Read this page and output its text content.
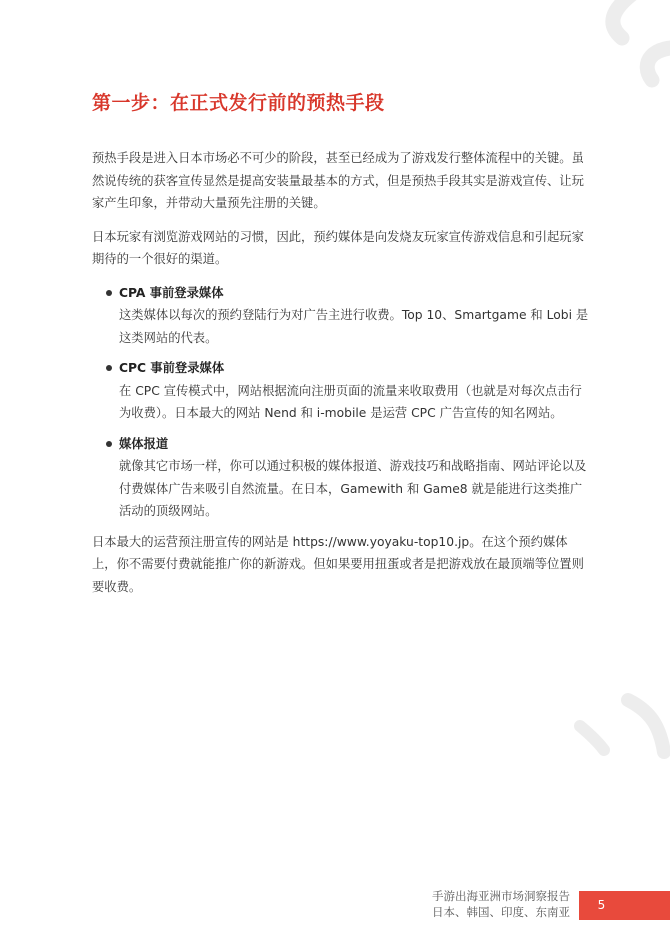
第一步：在正式发行前的预热手段

预热手段是进入日本市场必不可少的阶段，甚至已经成为了游戏发行整体流程中的关键。虽然说传统的获客宣传显然是提高安装量最基本的方式，但是预热手段其实是游戏宣传、让玩家产生印象，并带动大量预先注册的关键。

日本玩家有浏览游戏网站的习惯，因此，预约媒体是向发烧友玩家宣传游戏信息和引起玩家期待的一个很好的渠道。

CPA 事前登录媒体

这类媒体以每次的预约登陆行为对广告主进行收费。Top 10、Smartgame 和 Lobi 是这类网站的代表。

CPC 事前登录媒体

在 CPC 宣传模式中，网站根据流向注册页面的流量来收取费用（也就是对每次点击行为收费）。日本最大的网站 Nend 和 i-mobile 是运营 CPC 广告宣传的知名网站。

媒体报道

就像其它市场一样，你可以通过积极的媒体报道、游戏技巧和战略指南、网站评论以及付费媒体广告来吸引自然流量。在日本，Gamewith 和 Game8 就是能进行这类推广活动的顶级网站。

日本最大的运营预注册宣传的网站是 https://www.yoyaku-top10.jp。在这个预约媒体上，你不需要付费就能推广你的新游戏。但如果要用扭蛋或者是把游戏放在最顶端等位置则要收费。

手游出海亚洲市场洞察报告
日本、韩国、印度、东南亚	5
